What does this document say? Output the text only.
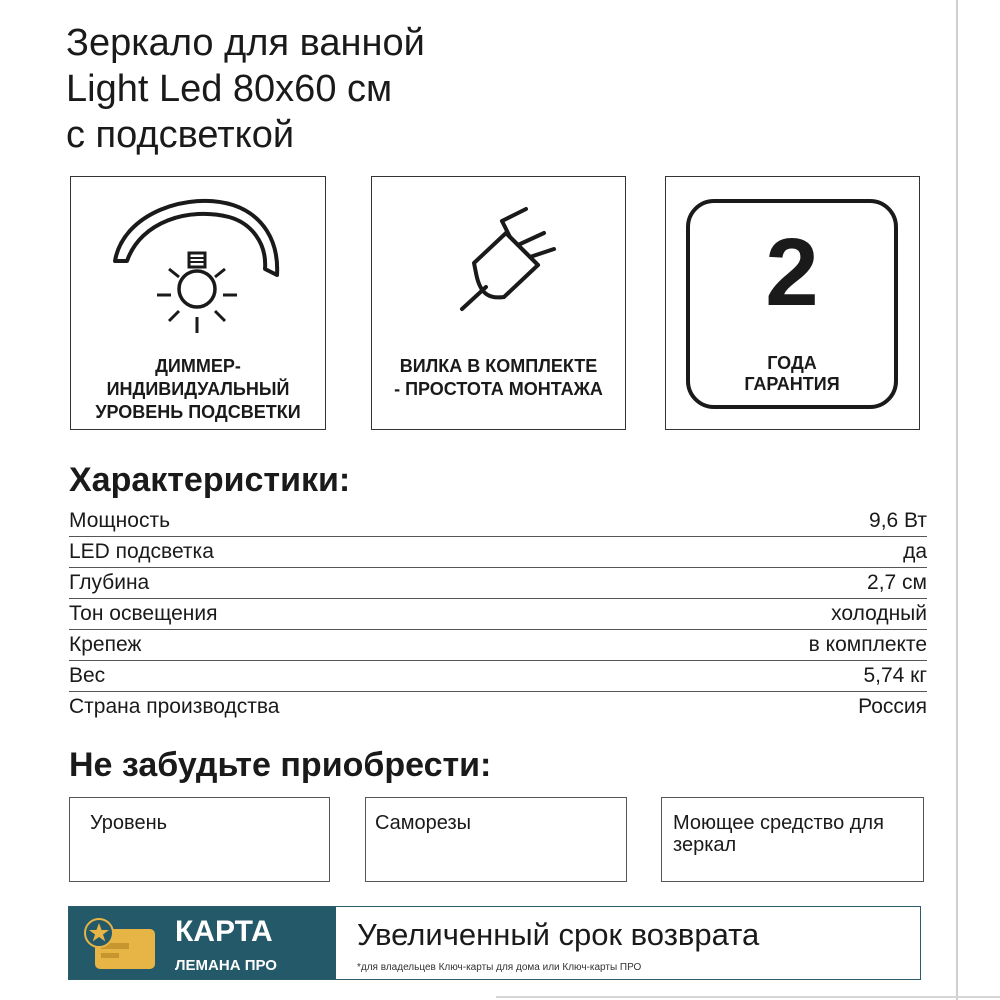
Зеркало для ванной
Light Led 80x60 см
с подсветкой
ДИММЕР-
ИНДИВИДУАЛЬНЫЙ
УРОВЕНЬ ПОДСВЕТКИ
ВИЛКА В КОМПЛЕКТЕ
- ПРОСТОТА МОНТАЖА
2
ГОДА
ГАРАНТИЯ
Характеристики:
Мощность	9,6 Вт
LED подсветка	да
Глубина	2,7 см
Тон освещения	холодный
Крепеж	в комплекте
Вес	5,74 кг
Страна производства	Россия
Не забудьте приобрести:
Уровень	Саморезы	Моющее средство для зеркал
КАРТА
ЛЕМАНА ПРО
Увеличенный срок возврата
*для владельцев Ключ-карты для дома или Ключ-карты ПРО
